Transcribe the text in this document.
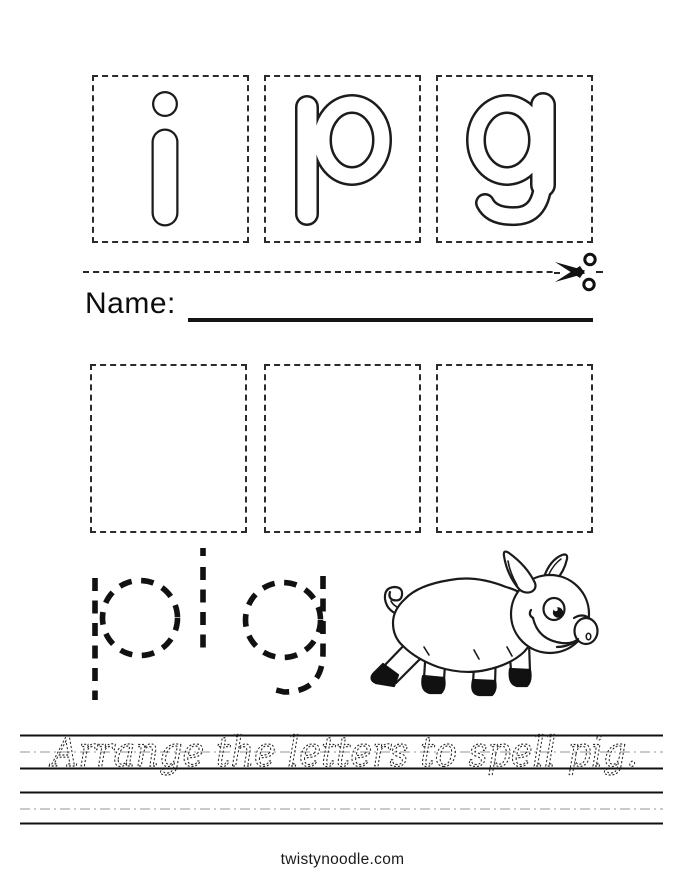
Name:
Arrange the letters to spell pig.
twistynoodle.com
